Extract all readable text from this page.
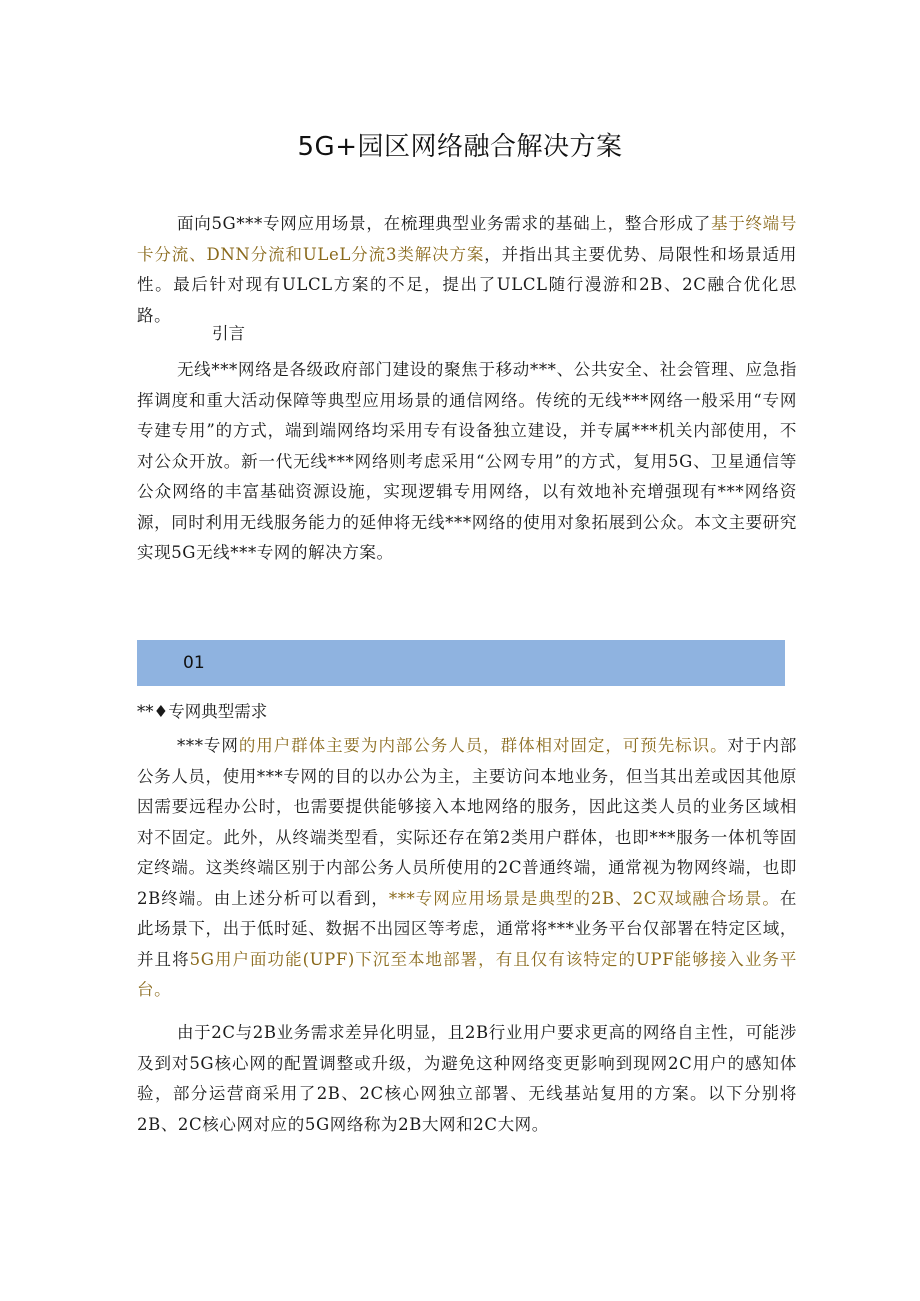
5G+园区网络融合解决方案
面向5G***专网应用场景，在梳理典型业务需求的基础上，整合形成了基于终端号卡分流、DNN分流和ULeL分流3类解决方案，并指出其主要优势、局限性和场景适用性。最后针对现有ULCL方案的不足，提出了ULCL随行漫游和2B、2C融合优化思路。
引言
无线***网络是各级政府部门建设的聚焦于移动***、公共安全、社会管理、应急指挥调度和重大活动保障等典型应用场景的通信网络。传统的无线***网络一般采用“专网专建专用”的方式，端到端网络均采用专有设备独立建设，并专属***机关内部使用，不对公众开放。新一代无线***网络则考虑采用“公网专用”的方式，复用5G、卫星通信等公众网络的丰富基础资源设施，实现逻辑专用网络，以有效地补充增强现有***网络资源，同时利用无线服务能力的延伸将无线***网络的使用对象拓展到公众。本文主要研究实现5G无线***专网的解决方案。
01
**♦专网典型需求
***专网的用户群体主要为内部公务人员，群体相对固定，可预先标识。对于内部公务人员，使用***专网的目的以办公为主，主要访问本地业务，但当其出差或因其他原因需要远程办公时，也需要提供能够接入本地网络的服务，因此这类人员的业务区域相对不固定。此外，从终端类型看，实际还存在第2类用户群体，也即***服务一体机等固定终端。这类终端区别于内部公务人员所使用的2C普通终端，通常视为物网终端，也即2B终端。由上述分析可以看到，***专网应用场景是典型的2B、2C双域融合场景。在此场景下，出于低时延、数据不出园区等考虑，通常将***业务平台仅部署在特定区域，并且将5G用户面功能(UPF)下沉至本地部署，有且仅有该特定的UPF能够接入业务平台。
由于2C与2B业务需求差异化明显，且2B行业用户要求更高的网络自主性，可能涉及到对5G核心网的配置调整或升级，为避免这种网络变更影响到现网2C用户的感知体验，部分运营商采用了2B、2C核心网独立部署、无线基站复用的方案。以下分别将2B、2C核心网对应的5G网络称为2B大网和2C大网。
